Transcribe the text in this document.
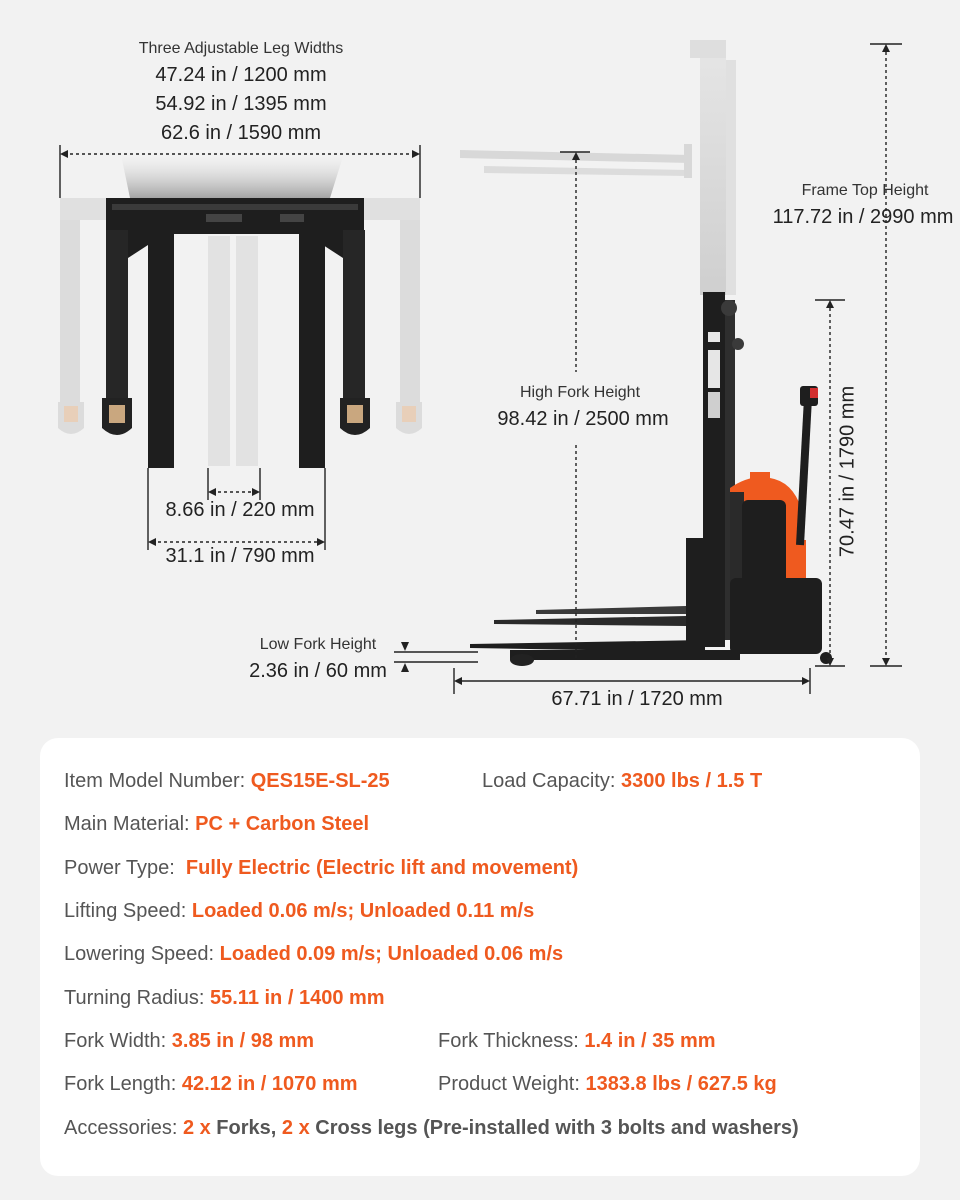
Three Adjustable Leg Widths
47.24 in / 1200 mm
54.92 in / 1395 mm
62.6 in / 1590 mm
8.66 in / 220 mm
31.1 in / 790 mm
Frame Top Height
117.72 in / 2990 mm
High Fork Height
98.42 in / 2500 mm	70.47 in / 1790 mm
Low Fork Height
2.36 in / 60 mm
67.71 in / 1720 mm
Item Model Number: QES15E-SL-25	Load Capacity: 3300 lbs / 1.5 T
Main Material: PC + Carbon Steel
Power Type:  Fully Electric (Electric lift and movement)
Lifting Speed: Loaded 0.06 m/s; Unloaded 0.11 m/s
Lowering Speed: Loaded 0.09 m/s; Unloaded 0.06 m/s
Turning Radius: 55.11 in / 1400 mm
Fork Width: 3.85 in / 98 mm	Fork Thickness: 1.4 in / 35 mm
Fork Length: 42.12 in / 1070 mm	Product Weight: 1383.8 lbs / 627.5 kg
Accessories: 2 x Forks, 2 x Cross legs (Pre-installed with 3 bolts and washers)
